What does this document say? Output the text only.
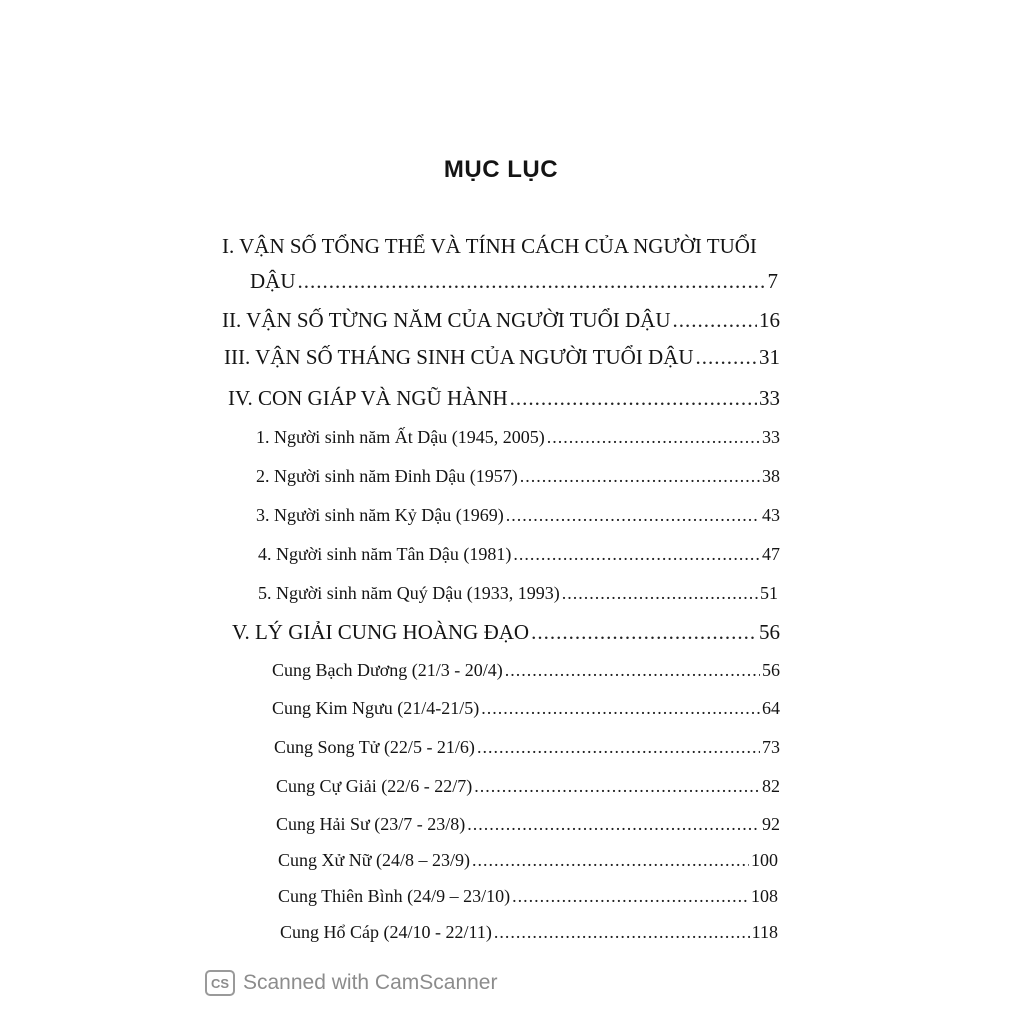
MỤC LỤC
I. VẬN SỐ TỔNG THỂ VÀ TÍNH CÁCH CỦA NGƯỜI TUỔI
DẬU .....	7
II. VẬN SỐ TỪNG NĂM CỦA NGƯỜI TUỔI DẬU .....	16
III. VẬN SỐ THÁNG SINH CỦA NGƯỜI TUỔI DẬU .....	31
IV. CON GIÁP VÀ NGŨ HÀNH .....	33
1. Người sinh năm Ất Dậu (1945, 2005) .....	33
2. Người sinh năm Đinh Dậu (1957) .....	38
3. Người sinh năm Kỷ Dậu (1969) .....	43
4. Người sinh năm Tân Dậu (1981) .....	47
5. Người sinh năm Quý Dậu (1933, 1993) .....	51
V. LÝ GIẢI CUNG HOÀNG ĐẠO .....	56
Cung Bạch Dương (21/3 - 20/4) .....	56
Cung Kim Ngưu (21/4-21/5) .....	64
Cung Song Tử (22/5 - 21/6) .....	73
Cung Cự Giải (22/6 - 22/7) .....	82
Cung Hải Sư (23/7 - 23/8) .....	92
Cung Xử Nữ (24/8 – 23/9) .....	100
Cung Thiên Bình (24/9 – 23/10) .....	108
Cung Hổ Cáp (24/10 - 22/11) .....	118
CS Scanned with CamScanner
